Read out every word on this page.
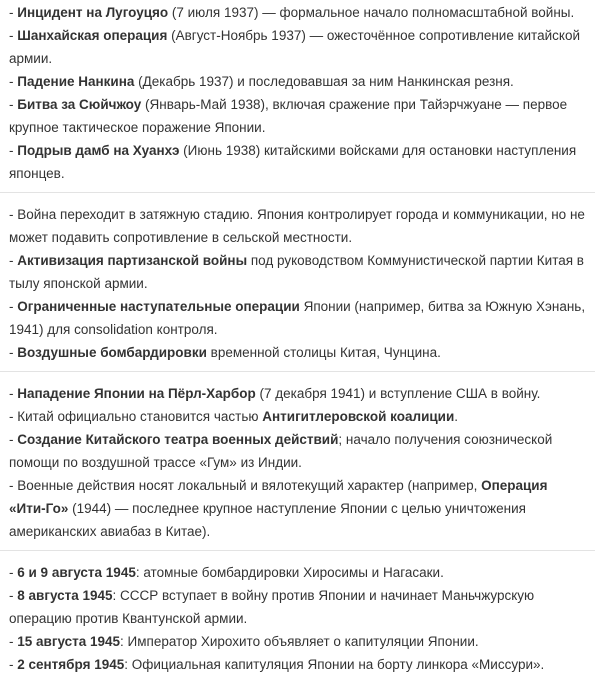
- Инцидент на Лугоуцяо (7 июля 1937) — формальное начало полномасштабной войны.

- Шанхайская операция (Август-Ноябрь 1937) — ожесточённое сопротивление китайской армии.

- Падение Нанкина (Декабрь 1937) и последовавшая за ним Нанкинская резня.

- Битва за Сюйчжоу (Январь-Май 1938), включая сражение при Тайэрчжуане — первое крупное тактическое поражение Японии.

- Подрыв дамб на Хуанхэ (Июнь 1938) китайскими войсками для остановки наступления японцев.

- Война переходит в затяжную стадию. Япония контролирует города и коммуникации, но не может подавить сопротивление в сельской местности.

- Активизация партизанской войны под руководством Коммунистической партии Китая в тылу японской армии.

- Ограниченные наступательные операции Японии (например, битва за Южную Хэнань, 1941) для consolidation контроля.

- Воздушные бомбардировки временной столицы Китая, Чунцина.

- Нападение Японии на Пёрл-Харбор (7 декабря 1941) и вступление США в войну.

- Китай официально становится частью Антигитлеровской коалиции.

- Создание Китайского театра военных действий; начало получения союзнической помощи по воздушной трассе «Гум» из Индии.

- Военные действия носят локальный и вялотекущий характер (например, Операция «Ити-Го» (1944) — последнее крупное наступление Японии с целью уничтожения американских авиабаз в Китае).

- 6 и 9 августа 1945: атомные бомбардировки Хиросимы и Нагасаки.

- 8 августа 1945: СССР вступает в войну против Японии и начинает Маньчжурскую операцию против Квантунской армии.

- 15 августа 1945: Император Хирохито объявляет о капитуляции Японии.

- 2 сентября 1945: Официальная капитуляция Японии на борту линкора «Миссури».
